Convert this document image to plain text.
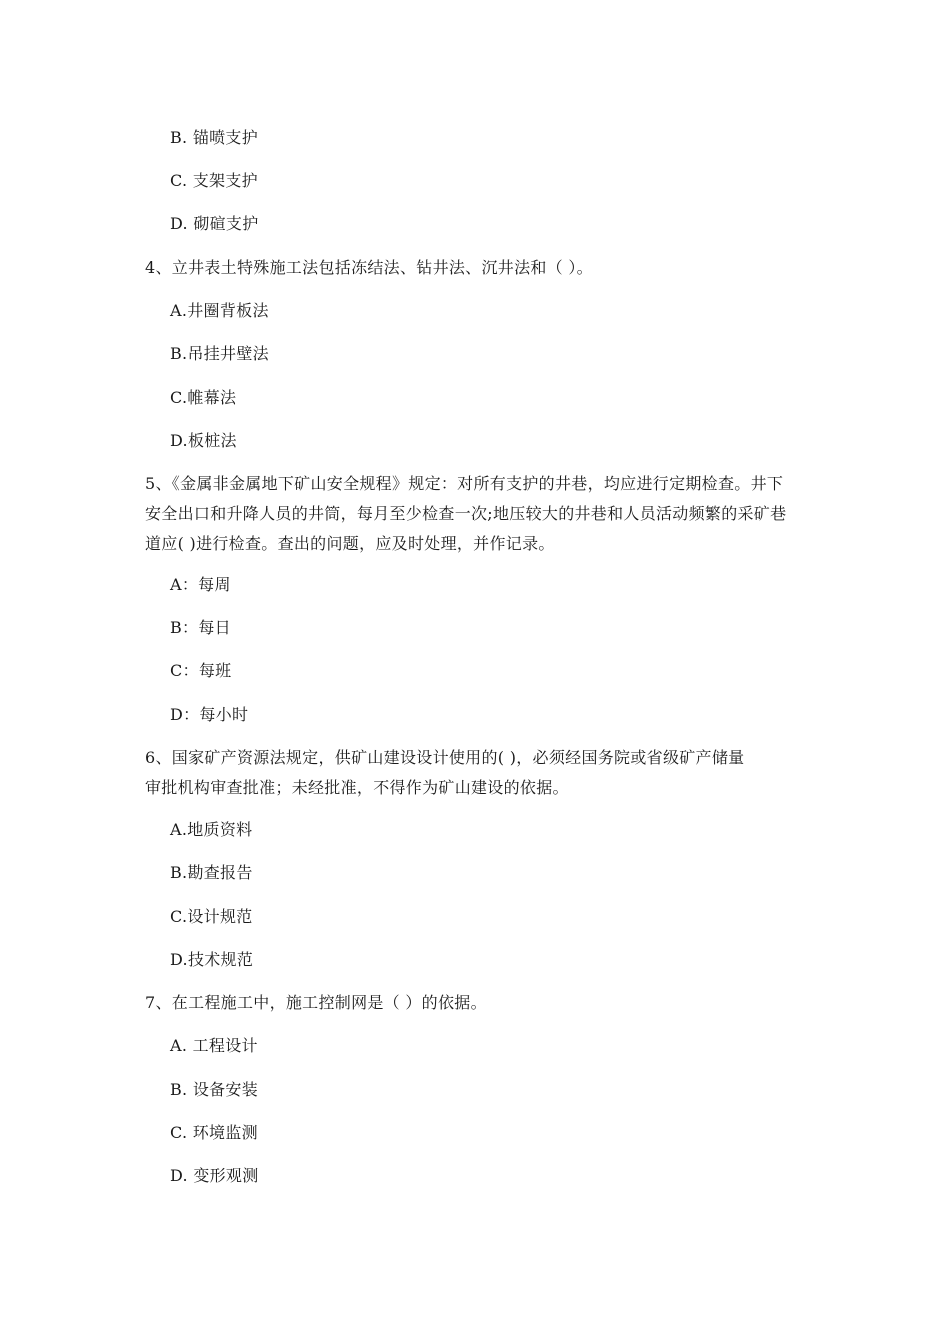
B. 锚喷支护
C. 支架支护
D. 砌碹支护
4、立井表土特殊施工法包括冻结法、钻井法、沉井法和（ ）。
A.井圈背板法
B.吊挂井壁法
C.帷幕法
D.板桩法
5、《金属非金属地下矿山安全规程》规定：对所有支护的井巷，均应进行定期检查。井下
安全出口和升降人员的井筒，每月至少检查一次;地压较大的井巷和人员活动频繁的采矿巷
道应( )进行检查。查出的问题，应及时处理，并作记录。
A：每周
B：每日
C：每班
D：每小时
6、国家矿产资源法规定，供矿山建设设计使用的( )，必须经国务院或省级矿产储量
审批机构审查批准；未经批准，不得作为矿山建设的依据。
A.地质资料
B.勘查报告
C.设计规范
D.技术规范
7、在工程施工中，施工控制网是（ ）的依据。
A. 工程设计
B. 设备安装
C. 环境监测
D. 变形观测
